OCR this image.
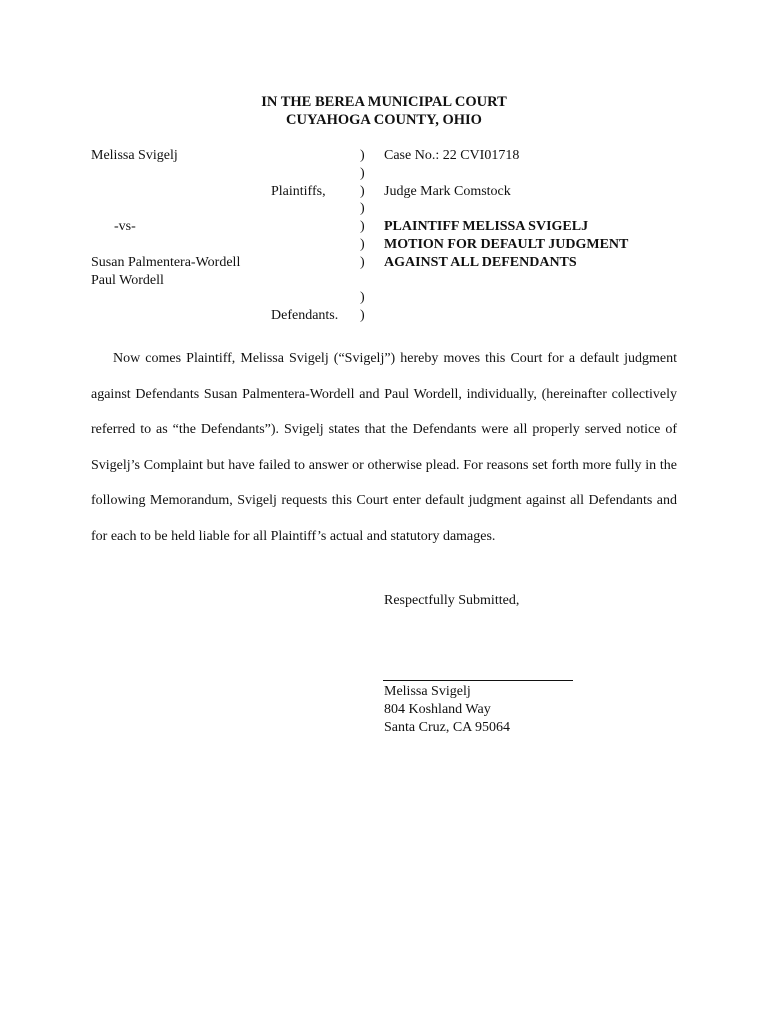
IN THE BEREA MUNICIPAL COURT
CUYAHOGA COUNTY, OHIO
Melissa Svigelj
Plaintiffs,
-vs-
Susan Palmentera-Wordell
Paul Wordell
Defendants.
)
)
)
)
)
)
)
)
)
Case No.: 22 CVI01718
Judge Mark Comstock
PLAINTIFF MELISSA SVIGELJ
MOTION FOR DEFAULT JUDGMENT
AGAINST ALL DEFENDANTS
Now comes Plaintiff, Melissa Svigelj (“Svigelj”) hereby moves this Court for a default judgment against Defendants Susan Palmentera-Wordell and Paul Wordell, individually, (hereinafter collectively referred to as “the Defendants”). Svigelj states that the Defendants were all properly served notice of Svigelj’s Complaint but have failed to answer or otherwise plead. For reasons set forth more fully in the following Memorandum, Svigelj requests this Court enter default judgment against all Defendants and for each to be held liable for all Plaintiff’s actual and statutory damages.
Respectfully Submitted,
Melissa Svigelj
804 Koshland Way
Santa Cruz, CA 95064
